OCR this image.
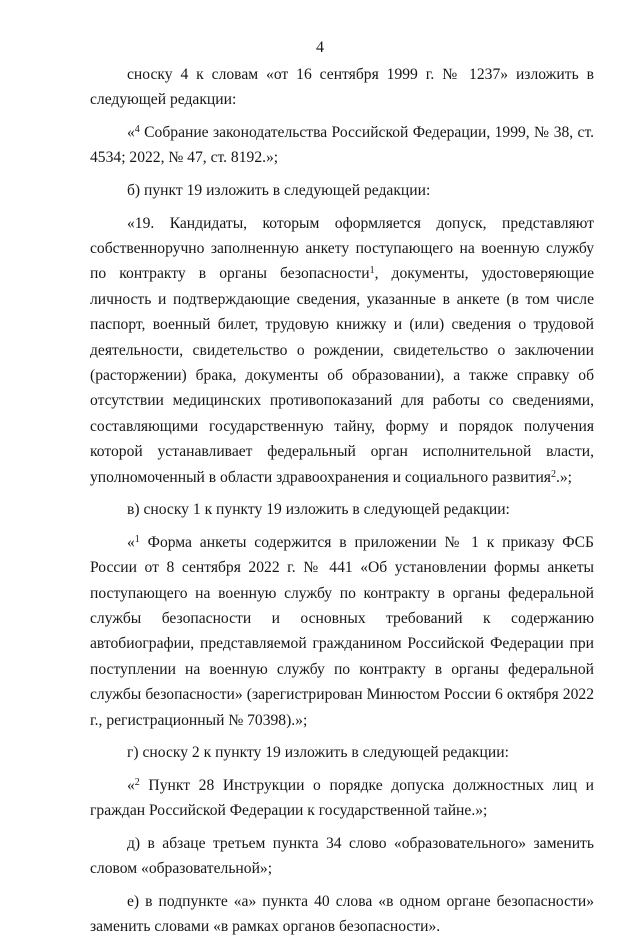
4

сноску 4 к словам «от 16 сентября 1999 г. № 1237» изложить в следующей редакции:

«$^4$ Собрание законодательства Российской Федерации, 1999, № 38, ст. 4534; 2022, № 47, ст. 8192.»;

б) пункт 19 изложить в следующей редакции:

«19. Кандидаты, которым оформляется допуск, представляют собственноручно заполненную анкету поступающего на военную службу по контракту в органы безопасности$^1$, документы, удостоверяющие личность и подтверждающие сведения, указанные в анкете (в том числе паспорт, военный билет, трудовую книжку и (или) сведения о трудовой деятельности, свидетельство о рождении, свидетельство о заключении (расторжении) брака, документы об образовании), а также справку об отсутствии медицинских противопоказаний для работы со сведениями, составляющими государственную тайну, форму и порядок получения которой устанавливает федеральный орган исполнительной власти, уполномоченный в области здравоохранения и социального развития$^2$.»;

в) сноску 1 к пункту 19 изложить в следующей редакции:

«$^1$ Форма анкеты содержится в приложении № 1 к приказу ФСБ России от 8 сентября 2022 г. № 441 «Об установлении формы анкеты поступающего на военную службу по контракту в органы федеральной службы безопасности и основных требований к содержанию автобиографии, представляемой гражданином Российской Федерации при поступлении на военную службу по контракту в органы федеральной службы безопасности» (зарегистрирован Минюстом России 6 октября 2022 г., регистрационный № 70398).»;

г) сноску 2 к пункту 19 изложить в следующей редакции:

«$^2$ Пункт 28 Инструкции о порядке допуска должностных лиц и граждан Российской Федерации к государственной тайне.»;

д) в абзаце третьем пункта 34 слово «образовательного» заменить словом «образовательной»;

е) в подпункте «а» пункта 40 слова «в одном органе безопасности» заменить словами «в рамках органов безопасности».
